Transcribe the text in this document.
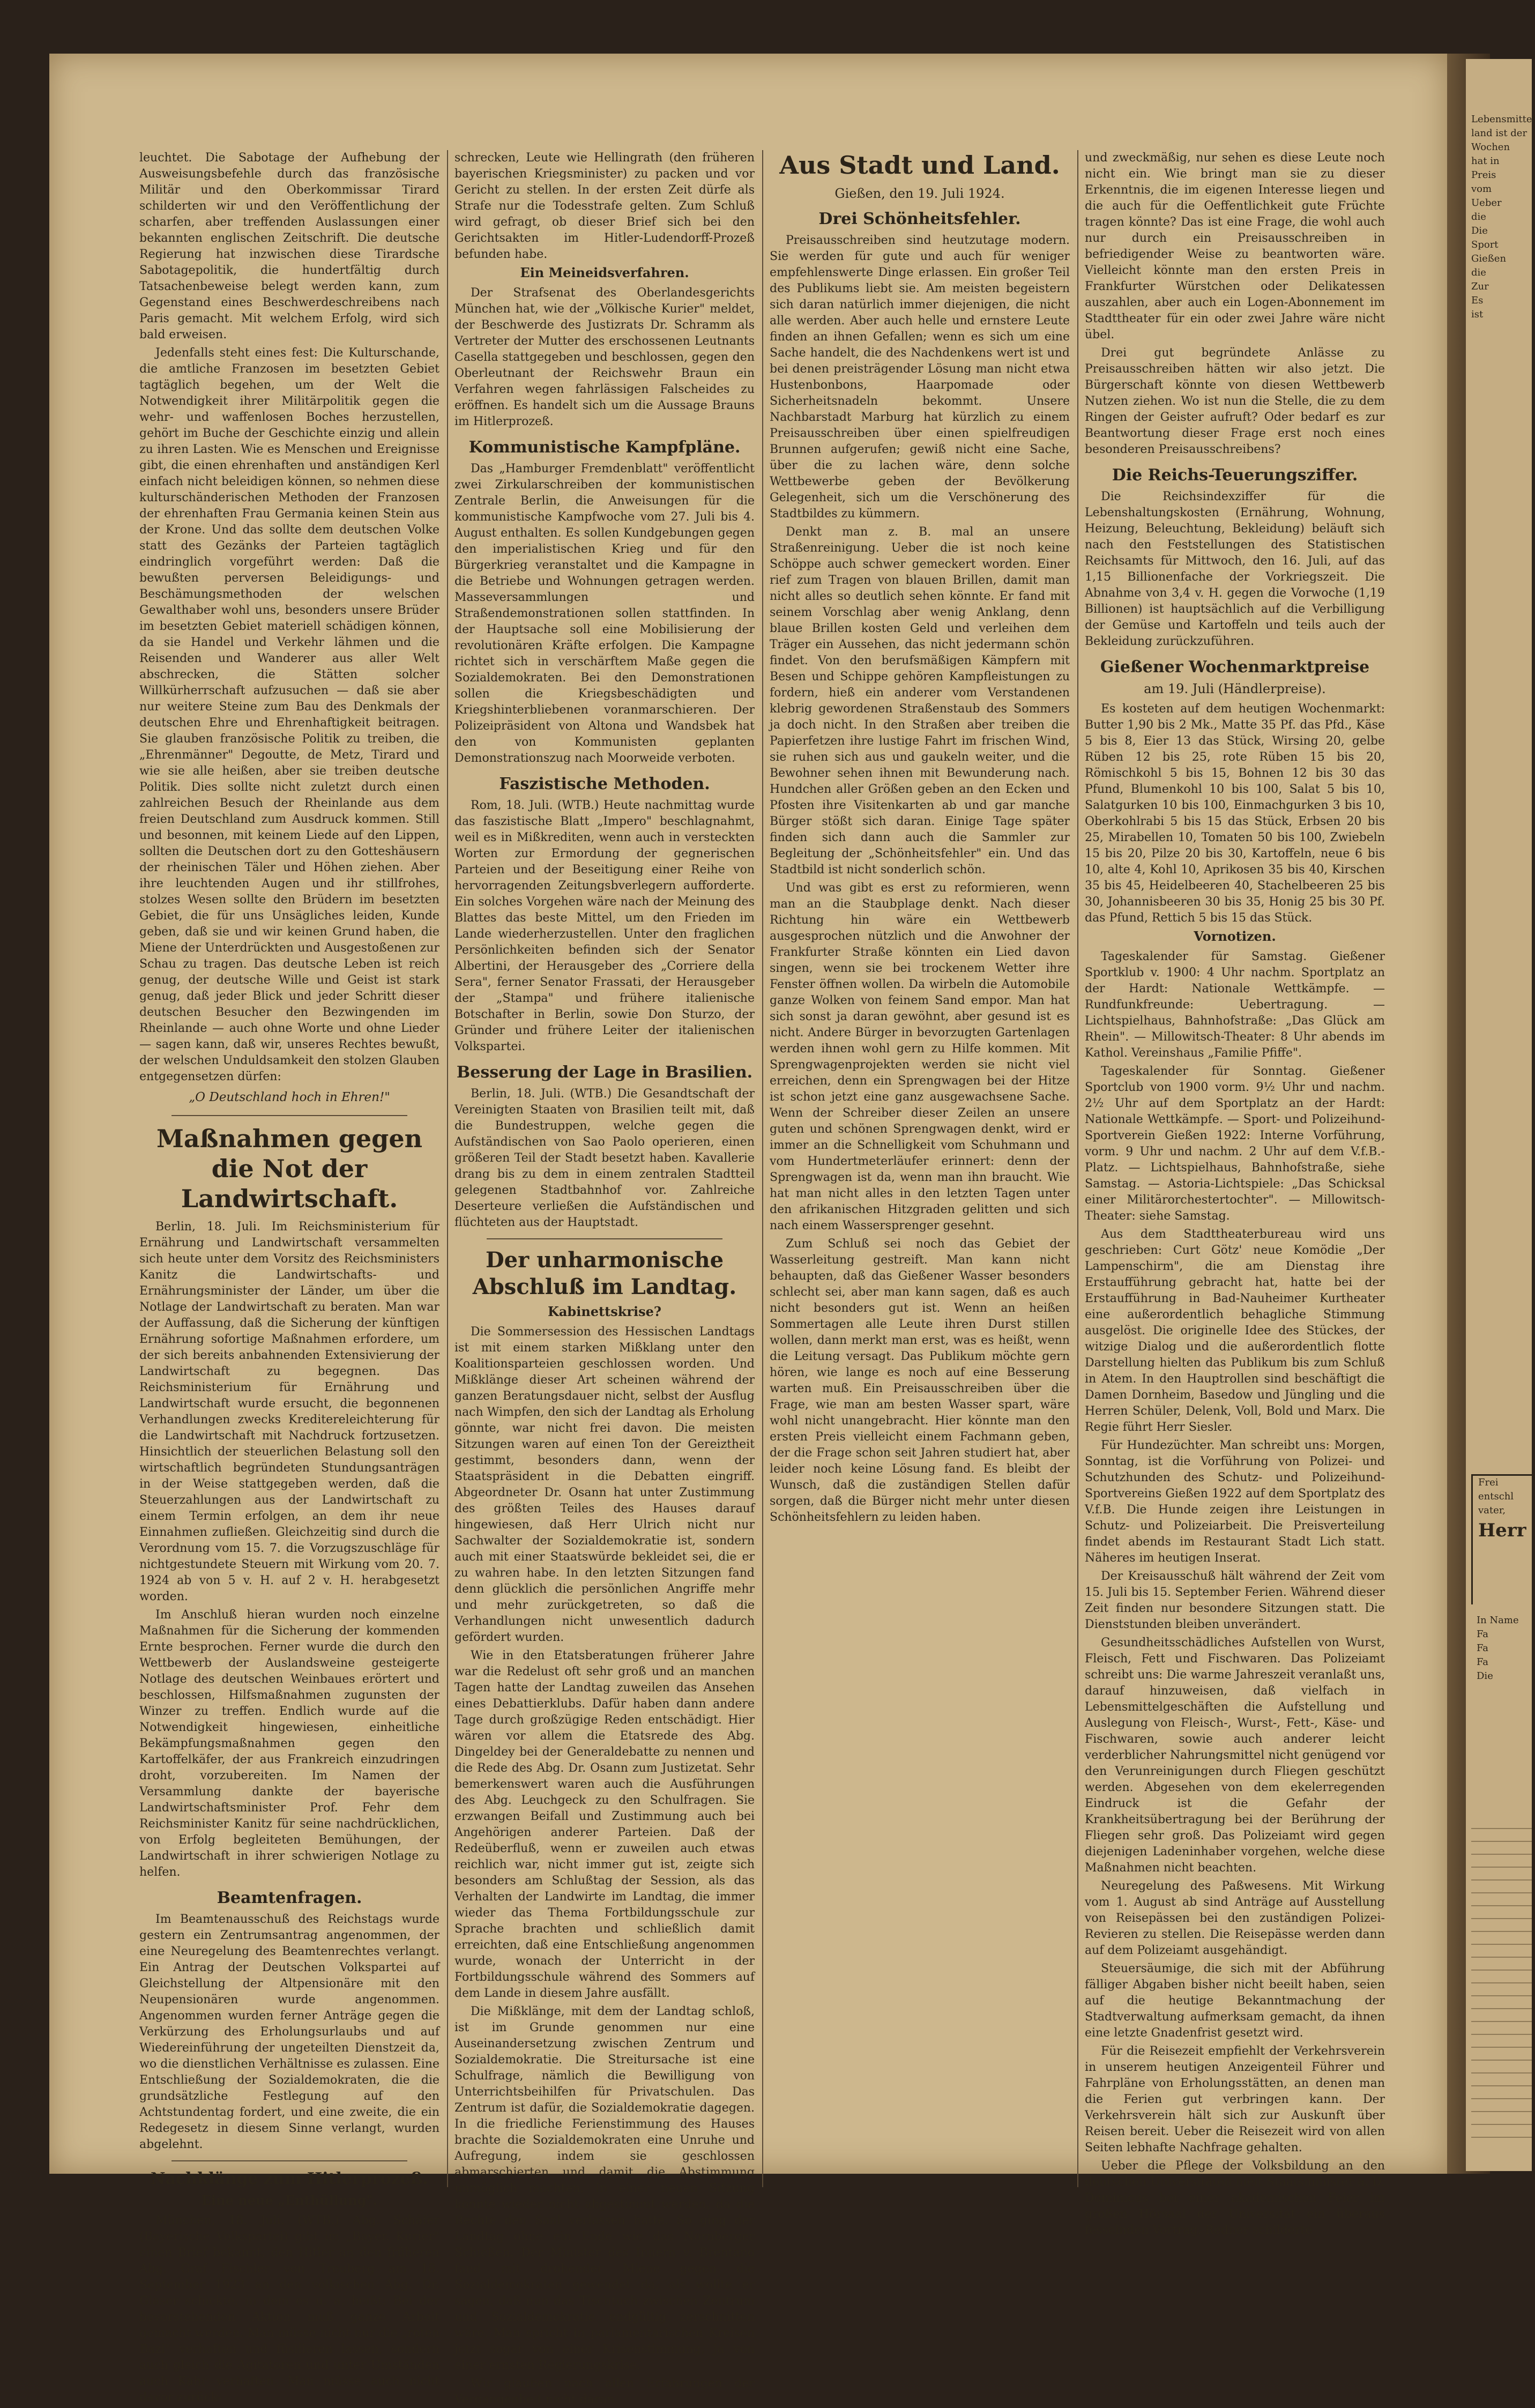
leuchtet. Die Sabotage der Aufhebung der Ausweisungsbefehle durch das französische Militär und den Oberkommissar Tirard schilderten wir und den Veröffentlichung der scharfen, aber treffenden Auslassungen einer bekannten englischen Zeitschrift. Die deutsche Regierung hat inzwischen diese Tirardsche Sabotagepolitik, die hundertfältig durch Tatsachenbeweise belegt werden kann, zum Gegenstand eines Beschwerdeschreibens nach Paris gemacht. Mit welchem Erfolg, wird sich bald erweisen.

Jedenfalls steht eines fest: Die Kulturschande, die amtliche Franzosen im besetzten Gebiet tagtäglich begehen, um der Welt die Notwendigkeit ihrer Militärpolitik gegen die wehr- und waffenlosen Boches herzustellen, gehört im Buche der Geschichte einzig und allein zu ihren Lasten. Wie es Menschen und Ereignisse gibt, die einen ehrenhaften und anständigen Kerl einfach nicht beleidigen können, so nehmen diese kulturschänderischen Methoden der Franzosen der ehrenhaften Frau Germania keinen Stein aus der Krone. Und das sollte dem deutschen Volke statt des Gezänks der Parteien tagtäglich eindringlich vorgeführt werden: Daß die bewußten perversen Beleidigungs- und Beschämungsmethoden der welschen Gewalthaber wohl uns, besonders unsere Brüder im besetzten Gebiet materiell schädigen können, da sie Handel und Verkehr lähmen und die Reisenden und Wanderer aus aller Welt abschrecken, die Stätten solcher Willkürherrschaft aufzusuchen — daß sie aber nur weitere Steine zum Bau des Denkmals der deutschen Ehre und Ehrenhaftigkeit beitragen. Sie glauben französische Politik zu treiben, die „Ehrenmänner" Degoutte, de Metz, Tirard und wie sie alle heißen, aber sie treiben deutsche Politik. Dies sollte nicht zuletzt durch einen zahlreichen Besuch der Rheinlande aus dem freien Deutschland zum Ausdruck kommen. Still und besonnen, mit keinem Liede auf den Lippen, sollten die Deutschen dort zu den Gotteshäusern der rheinischen Täler und Höhen ziehen. Aber ihre leuchtenden Augen und ihr stillfrohes, stolzes Wesen sollte den Brüdern im besetzten Gebiet, die für uns Unsägliches leiden, Kunde geben, daß sie und wir keinen Grund haben, die Miene der Unterdrückten und Ausgestoßenen zur Schau zu tragen. Das deutsche Leben ist reich genug, der deutsche Wille und Geist ist stark genug, daß jeder Blick und jeder Schritt dieser deutschen Besucher den Bezwingenden im Rheinlande — auch ohne Worte und ohne Lieder — sagen kann, daß wir, unseres Rechtes bewußt, der welschen Unduldsamkeit den stolzen Glauben entgegensetzen dürfen:

„O Deutschland hoch in Ehren!"
Maßnahmen gegen die Not der Landwirtschaft.

Berlin, 18. Juli. Im Reichsministerium für Ernährung und Landwirtschaft versammelten sich heute unter dem Vorsitz des Reichsministers Kanitz die Landwirtschafts- und Ernährungsminister der Länder, um über die Notlage der Landwirtschaft zu beraten. Man war der Auffassung, daß die Sicherung der künftigen Ernährung sofortige Maßnahmen erfordere, um der sich bereits anbahnenden Extensivierung der Landwirtschaft zu begegnen. Das Reichsministerium für Ernährung und Landwirtschaft wurde ersucht, die begonnenen Verhandlungen zwecks Kreditereleichterung für die Landwirtschaft mit Nachdruck fortzusetzen. Hinsichtlich der steuerlichen Belastung soll den wirtschaftlich begründeten Stundungsanträgen in der Weise stattgegeben werden, daß die Steuerzahlungen aus der Landwirtschaft zu einem Termin erfolgen, an dem ihr neue Einnahmen zufließen. Gleichzeitig sind durch die Verordnung vom 15. 7. die Vorzugszuschläge für nichtgestundete Steuern mit Wirkung vom 20. 7. 1924 ab von 5 v. H. auf 2 v. H. herabgesetzt worden.

Im Anschluß hieran wurden noch einzelne Maßnahmen für die Sicherung der kommenden Ernte besprochen. Ferner wurde die durch den Wettbewerb der Auslandsweine gesteigerte Notlage des deutschen Weinbaues erörtert und beschlossen, Hilfsmaßnahmen zugunsten der Winzer zu treffen. Endlich wurde auf die Notwendigkeit hingewiesen, einheitliche Bekämpfungsmaßnahmen gegen den Kartoffelkäfer, der aus Frankreich einzudringen droht, vorzubereiten. Im Namen der Versammlung dankte der bayerische Landwirtschaftsminister Prof. Fehr dem Reichsminister Kanitz für seine nachdrücklichen, von Erfolg begleiteten Bemühungen, der Landwirtschaft in ihrer schwierigen Notlage zu helfen.

Beamtenfragen.

Im Beamtenausschuß des Reichstags wurde gestern ein Zentrumsantrag angenommen, der eine Neuregelung des Beamtenrechtes verlangt. Ein Antrag der Deutschen Volkspartei auf Gleichstellung der Altpensionäre mit den Neupensionären wurde angenommen. Angenommen wurden ferner Anträge gegen die Verkürzung des Erholungsurlaubs und auf Wiedereinführung der ungeteilten Dienstzeit da, wo die dienstlichen Verhältnisse es zulassen. Eine Entschließung der Sozialdemokraten, die die grundsätzliche Festlegung auf den Achtstundentag fordert, und eine zweite, die ein Redegesetz in diesem Sinne verlangt, wurden abgelehnt.

Nachklänge zum Hitlerprozeß.
Eine neue „Enthüllung".

München, 18. Juli. (WTB.) Abg. Schäfer (Bayerische Volkspartei) gibt im „Bayer. Kurier" einen Brief bekannt, den Hitler an den früheren Abg. Graf Fischler von Treuberg am 18. September 1923 an den völkischen Abg. Dr. Glaser schickte, in dem es u. a. heißt: Bei der bevorstehenden Aktion muß ganze Arbeit gemacht werden. Man müsse nicht nur die „roten Bazi" verhaften und füsilieren lassen, sondern auch gleich die Agitatoren und unter Umständen auch Kahr verhaften. Man müsse auch nicht davor zurück-

schrecken, Leute wie Hellingrath (den früheren bayerischen Kriegsminister) zu packen und vor Gericht zu stellen. In der ersten Zeit dürfe als Strafe nur die Todesstrafe gelten. Zum Schluß wird gefragt, ob dieser Brief sich bei den Gerichtsakten im Hitler-Ludendorff-Prozeß befunden habe.

Ein Meineidsverfahren.

Der Strafsenat des Oberlandesgerichts München hat, wie der „Völkische Kurier" meldet, der Beschwerde des Justizrats Dr. Schramm als Vertreter der Mutter des erschossenen Leutnants Casella stattgegeben und beschlossen, gegen den Oberleutnant der Reichswehr Braun ein Verfahren wegen fahrlässigen Falscheides zu eröffnen. Es handelt sich um die Aussage Brauns im Hitlerprozeß.

Kommunistische Kampfpläne.

Das „Hamburger Fremdenblatt" veröffentlicht zwei Zirkularschreiben der kommunistischen Zentrale Berlin, die Anweisungen für die kommunistische Kampfwoche vom 27. Juli bis 4. August enthalten. Es sollen Kundgebungen gegen den imperialistischen Krieg und für den Bürgerkrieg veranstaltet und die Kampagne in die Betriebe und Wohnungen getragen werden. Masseversammlungen und Straßendemonstrationen sollen stattfinden. In der Hauptsache soll eine Mobilisierung der revolutionären Kräfte erfolgen. Die Kampagne richtet sich in verschärftem Maße gegen die Sozialdemokraten. Bei den Demonstrationen sollen die Kriegsbeschädigten und Kriegshinterbliebenen voranmarschieren. Der Polizeipräsident von Altona und Wandsbek hat den von Kommunisten geplanten Demonstrationszug nach Moorweide verboten.

Faszistische Methoden.

Rom, 18. Juli. (WTB.) Heute nachmittag wurde das faszistische Blatt „Impero" beschlagnahmt, weil es in Mißkrediten, wenn auch in versteckten Worten zur Ermordung der gegnerischen Parteien und der Beseitigung einer Reihe von hervorragenden Zeitungsbverlegern aufforderte. Ein solches Vorgehen wäre nach der Meinung des Blattes das beste Mittel, um den Frieden im Lande wiederherzustellen. Unter den fraglichen Persönlichkeiten befinden sich der Senator Albertini, der Herausgeber des „Corriere della Sera", ferner Senator Frassati, der Herausgeber der „Stampa" und frühere italienische Botschafter in Berlin, sowie Don Sturzo, der Gründer und frühere Leiter der italienischen Volkspartei.

Besserung der Lage in Brasilien.

Berlin, 18. Juli. (WTB.) Die Gesandtschaft der Vereinigten Staaten von Brasilien teilt mit, daß die Bundestruppen, welche gegen die Aufständischen von Sao Paolo operieren, einen größeren Teil der Stadt besetzt haben. Kavallerie drang bis zu dem in einem zentralen Stadtteil gelegenen Stadtbahnhof vor. Zahlreiche Deserteure verließen die Aufständischen und flüchteten aus der Hauptstadt.

Der unharmonische Abschluß im Landtag.
Kabinettskrise?

Die Sommersession des Hessischen Landtags ist mit einem starken Mißklang unter den Koalitionsparteien geschlossen worden. Und Mißklänge dieser Art scheinen während der ganzen Beratungsdauer nicht, selbst der Ausflug nach Wimpfen, den sich der Landtag als Erholung gönnte, war nicht frei davon. Die meisten Sitzungen waren auf einen Ton der Gereiztheit gestimmt, besonders dann, wenn der Staatspräsident in die Debatten eingriff. Abgeordneter Dr. Osann hat unter Zustimmung des größten Teiles des Hauses darauf hingewiesen, daß Herr Ulrich nicht nur Sachwalter der Sozialdemokratie ist, sondern auch mit einer Staatswürde bekleidet sei, die er zu wahren habe. In den letzten Sitzungen fand denn glücklich die persönlichen Angriffe mehr und mehr zurückgetreten, so daß die Verhandlungen nicht unwesentlich dadurch gefördert wurden.

Wie in den Etatsberatungen früherer Jahre war die Redelust oft sehr groß und an manchen Tagen hatte der Landtag zuweilen das Ansehen eines Debattierklubs. Dafür haben dann andere Tage durch großzügige Reden entschädigt. Hier wären vor allem die Etatsrede des Abg. Dingeldey bei der Generaldebatte zu nennen und die Rede des Abg. Dr. Osann zum Justizetat. Sehr bemerkenswert waren auch die Ausführungen des Abg. Leuchgeck zu den Schulfragen. Sie erzwangen Beifall und Zustimmung auch bei Angehörigen anderer Parteien. Daß der Redeüberfluß, wenn er zuweilen auch etwas reichlich war, nicht immer gut ist, zeigte sich besonders am Schlußtag der Session, als das Verhalten der Landwirte im Landtag, die immer wieder das Thema Fortbildungsschule zur Sprache brachten und schließlich damit erreichten, daß eine Entschließung angenommen wurde, wonach der Unterricht in der Fortbildungsschule während des Sommers auf dem Lande in diesem Jahre ausfällt.

Die Mißklänge, mit dem der Landtag schloß, ist im Grunde genommen nur eine Auseinandersetzung zwischen Zentrum und Sozialdemokratie. Die Streitursache ist eine Schulfrage, nämlich die Bewilligung von Unterrichtsbeihilfen für Privatschulen. Das Zentrum ist dafür, die Sozialdemokratie dagegen. In die friedliche Ferienstimmung des Hauses brachte die Sozialdemokraten eine Unruhe und Aufregung, indem sie geschlossen abmarschierten und damit die Abstimmung unmöglich machten. In einer neuen Sitzung konnte wieder nicht abgestimmt werden, da die Rechte den Saal verlassen hatte. So ging der Landtag ohne ein Ende wie das Nornberger Schießen. Der Minister des Innern v. Brentano fand mit drohender Miene gegen die Sozialdemokraten gewendet da, als wollte er sagen, daß nun das Tischtuch zwischen Zentrum und Sozialdemokratie endgültig zerschnitten wäre. Man spricht in parlamentarischen Kreisen jetzt sogar von einer Krisenstimmung, ja von einer ernsten Regierungskrise.

Wir glauben nach allen Erfahrungen der Vergangenheit nicht daran.

Aus Stadt und Land.
Gießen, den 19. Juli 1924.
Drei Schönheitsfehler.

Preisausschreiben sind heutzutage modern. Sie werden für gute und auch für weniger empfehlenswerte Dinge erlassen. Ein großer Teil des Publikums liebt sie. Am meisten begeistern sich daran natürlich immer diejenigen, die nicht alle werden. Aber auch helle und ernstere Leute finden an ihnen Gefallen; wenn es sich um eine Sache handelt, die des Nachdenkens wert ist und bei denen preisträgender Lösung man nicht etwa Hustenbonbons, Haarpomade oder Sicherheitsnadeln bekommt. Unsere Nachbarstadt Marburg hat kürzlich zu einem Preisausschreiben über einen spielfreudigen Brunnen aufgerufen; gewiß nicht eine Sache, über die zu lachen wäre, denn solche Wettbewerbe geben der Bevölkerung Gelegenheit, sich um die Verschönerung des Stadtbildes zu kümmern.

Denkt man z. B. mal an unsere Straßenreinigung. Ueber die ist noch keine Schöppe auch schwer gemeckert worden. Einer rief zum Tragen von blauen Brillen, damit man nicht alles so deutlich sehen könnte. Er fand mit seinem Vorschlag aber wenig Anklang, denn blaue Brillen kosten Geld und verleihen dem Träger ein Aussehen, das nicht jedermann schön findet. Von den berufsmäßigen Kämpfern mit Besen und Schippe gehören Kampfleistungen zu fordern, hieß ein anderer vom Verstandenen klebrig gewordenen Straßenstaub des Sommers ja doch nicht. In den Straßen aber treiben die Papierfetzen ihre lustige Fahrt im frischen Wind, sie ruhen sich aus und gaukeln weiter, und die Bewohner sehen ihnen mit Bewunderung nach. Hundchen aller Größen geben an den Ecken und Pfosten ihre Visitenkarten ab und gar manche Bürger stößt sich daran. Einige Tage später finden sich dann auch die Sammler zur Begleitung der „Schönheitsfehler" ein. Und das Stadtbild ist nicht sonderlich schön.

Und was gibt es erst zu reformieren, wenn man an die Staubplage denkt. Nach dieser Richtung hin wäre ein Wettbewerb ausgesprochen nützlich und die Anwohner der Frankfurter Straße könnten ein Lied davon singen, wenn sie bei trockenem Wetter ihre Fenster öffnen wollen. Da wirbeln die Automobile ganze Wolken von feinem Sand empor. Man hat sich sonst ja daran gewöhnt, aber gesund ist es nicht. Andere Bürger in bevorzugten Gartenlagen werden ihnen wohl gern zu Hilfe kommen. Mit Sprengwagenprojekten werden sie nicht viel erreichen, denn ein Sprengwagen bei der Hitze ist schon jetzt eine ganz ausgewachsene Sache. Wenn der Schreiber dieser Zeilen an unsere guten und schönen Sprengwagen denkt, wird er immer an die Schnelligkeit vom Schuhmann und vom Hundertmeterläufer erinnert: denn der Sprengwagen ist da, wenn man ihn braucht. Wie hat man nicht alles in den letzten Tagen unter den afrikanischen Hitzgraden gelitten und sich nach einem Wassersprenger gesehnt.

Zum Schluß sei noch das Gebiet der Wasserleitung gestreift. Man kann nicht behaupten, daß das Gießener Wasser besonders schlecht sei, aber man kann sagen, daß es auch nicht besonders gut ist. Wenn an heißen Sommertagen alle Leute ihren Durst stillen wollen, dann merkt man erst, was es heißt, wenn die Leitung versagt. Das Publikum möchte gern hören, wie lange es noch auf eine Besserung warten muß. Ein Preisausschreiben über die Frage, wie man am besten Wasser spart, wäre wohl nicht unangebracht. Hier könnte man den ersten Preis vielleicht einem Fachmann geben, der die Frage schon seit Jahren studiert hat, aber leider noch keine Lösung fand. Es bleibt der Wunsch, daß die zuständigen Stellen dafür sorgen, daß die Bürger nicht mehr unter diesen Schönheitsfehlern zu leiden haben.

und zweckmäßig, nur sehen es diese Leute noch nicht ein. Wie bringt man sie zu dieser Erkenntnis, die im eigenen Interesse liegen und die auch für die Oeffentlichkeit gute Früchte tragen könnte? Das ist eine Frage, die wohl auch nur durch ein Preisausschreiben in befriedigender Weise zu beantworten wäre. Vielleicht könnte man den ersten Preis in Frankfurter Würstchen oder Delikatessen auszahlen, aber auch ein Logen-Abonnement im Stadttheater für ein oder zwei Jahre wäre nicht übel.

Drei gut begründete Anlässe zu Preisausschreiben hätten wir also jetzt. Die Bürgerschaft könnte von diesen Wettbewerb Nutzen ziehen. Wo ist nun die Stelle, die zu dem Ringen der Geister aufruft? Oder bedarf es zur Beantwortung dieser Frage erst noch eines besonderen Preisausschreibens?

Die Reichs-Teuerungsziffer.

Die Reichsindexziffer für die Lebenshaltungskosten (Ernährung, Wohnung, Heizung, Beleuchtung, Bekleidung) beläuft sich nach den Feststellungen des Statistischen Reichsamts für Mittwoch, den 16. Juli, auf das 1,15 Billionenfache der Vorkriegszeit. Die Abnahme von 3,4 v. H. gegen die Vorwoche (1,19 Billionen) ist hauptsächlich auf die Verbilligung der Gemüse und Kartoffeln und teils auch der Bekleidung zurückzuführen.

Gießener Wochenmarktpreise
am 19. Juli (Händlerpreise).

Es kosteten auf dem heutigen Wochenmarkt: Butter 1,90 bis 2 Mk., Matte 35 Pf. das Pfd., Käse 5 bis 8, Eier 13 das Stück, Wirsing 20, gelbe Rüben 12 bis 25, rote Rüben 15 bis 20, Römischkohl 5 bis 15, Bohnen 12 bis 30 das Pfund, Blumenkohl 10 bis 100, Salat 5 bis 10, Salatgurken 10 bis 100, Einmachgurken 3 bis 10, Oberkohlrabi 5 bis 15 das Stück, Erbsen 20 bis 25, Mirabellen 10, Tomaten 50 bis 100, Zwiebeln 15 bis 20, Pilze 20 bis 30, Kartoffeln, neue 6 bis 10, alte 4, Kohl 10, Aprikosen 35 bis 40, Kirschen 35 bis 45, Heidelbeeren 40, Stachelbeeren 25 bis 30, Johannisbeeren 30 bis 35, Honig 25 bis 30 Pf. das Pfund, Rettich 5 bis 15 das Stück.

Vornotizen.

Tageskalender für Samstag. Gießener Sportklub v. 1900: 4 Uhr nachm. Sportplatz an der Hardt: Nationale Wettkämpfe. — Rundfunkfreunde: Uebertragung. — Lichtspielhaus, Bahnhofstraße: „Das Glück am Rhein". — Millowitsch-Theater: 8 Uhr abends im Kathol. Vereinshaus „Familie Pfiffe".

Tageskalender für Sonntag. Gießener Sportclub von 1900 vorm. 9½ Uhr und nachm. 2½ Uhr auf dem Sportplatz an der Hardt: Nationale Wettkämpfe. — Sport- und Polizeihund-Sportverein Gießen 1922: Interne Vorführung, vorm. 9 Uhr und nachm. 2 Uhr auf dem V.f.B.-Platz. — Lichtspielhaus, Bahnhofstraße, siehe Samstag. — Astoria-Lichtspiele: „Das Schicksal einer Militärorchestertochter". — Millowitsch-Theater: siehe Samstag.

Aus dem Stadttheaterbureau wird uns geschrieben: Curt Götz' neue Komödie „Der Lampenschirm", die am Dienstag ihre Erstaufführung gebracht hat, hatte bei der Erstaufführung in Bad-Nauheimer Kurtheater eine außerordentlich behagliche Stimmung ausgelöst. Die originelle Idee des Stückes, der witzige Dialog und die außerordentlich flotte Darstellung hielten das Publikum bis zum Schluß in Atem. In den Hauptrollen sind beschäftigt die Damen Dornheim, Basedow und Jüngling und die Herren Schüler, Delenk, Voll, Bold und Marx. Die Regie führt Herr Siesler.

Für Hundezüchter. Man schreibt uns: Morgen, Sonntag, ist die Vorführung von Polizei- und Schutzhunden des Schutz- und Polizeihund-Sportvereins Gießen 1922 auf dem Sportplatz des V.f.B. Die Hunde zeigen ihre Leistungen in Schutz- und Polizeiarbeit. Die Preisverteilung findet abends im Restaurant Stadt Lich statt. Näheres im heutigen Inserat.

Der Kreisausschuß hält während der Zeit vom 15. Juli bis 15. September Ferien. Während dieser Zeit finden nur besondere Sitzungen statt. Die Dienststunden bleiben unverändert.

Gesundheitsschädliches Aufstellen von Wurst, Fleisch, Fett und Fischwaren. Das Polizeiamt schreibt uns: Die warme Jahreszeit veranlaßt uns, darauf hinzuweisen, daß vielfach in Lebensmittelgeschäften die Aufstellung und Auslegung von Fleisch-, Wurst-, Fett-, Käse- und Fischwaren, sowie auch anderer leicht verderblicher Nahrungsmittel nicht genügend vor den Verunreinigungen durch Fliegen geschützt werden. Abgesehen von dem ekelerregenden Eindruck ist die Gefahr der Krankheitsübertragung bei der Berührung der Fliegen sehr groß. Das Polizeiamt wird gegen diejenigen Ladeninhaber vorgehen, welche diese Maßnahmen nicht beachten.

Neuregelung des Paßwesens. Mit Wirkung vom 1. August ab sind Anträge auf Ausstellung von Reisepässen bei den zuständigen Polizei-Revieren zu stellen. Die Reisepässe werden dann auf dem Polizeiamt ausgehändigt.

Steuersäumige, die sich mit der Abführung fälliger Abgaben bisher nicht beeilt haben, seien auf die heutige Bekanntmachung der Stadtverwaltung aufmerksam gemacht, da ihnen eine letzte Gnadenfrist gesetzt wird.

Für die Reisezeit empfiehlt der Verkehrsverein in unserem heutigen Anzeigenteil Führer und Fahrpläne von Erholungsstätten, an denen man die Ferien gut verbringen kann. Der Verkehrsverein hält sich zur Auskunft über Reisen bereit. Ueber die Reisezeit wird von allen Seiten lebhafte Nachfrage gehalten.

Ueber die Pflege der Volksbildung an den deutschen Universitäten hielt Staatsminister a. D. Dominicus bei einer akademischen Feier im großen Hörsaal der Universität ein überaus fesselnden Vortrag. Redner schilderte

Lebensmittel
land ist der
Wochen
hat in
Preis
vom
Ueber
die
Die
Sport
Gießen
die
Zur
Es
ist
Frei
entschl
vater,
Herr
In Name
Fa
Fa
Fa
Die
